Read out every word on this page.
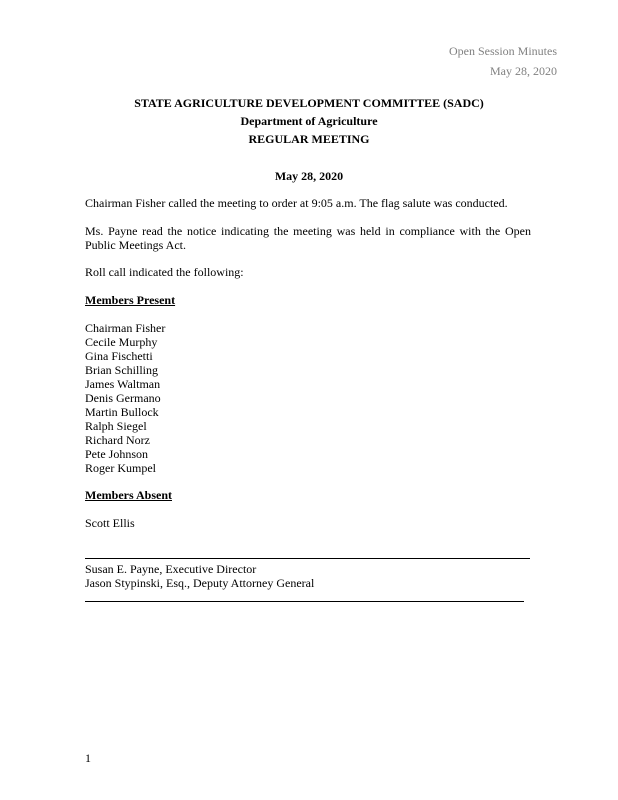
Open Session Minutes
May 28, 2020
STATE AGRICULTURE DEVELOPMENT COMMITTEE (SADC)
Department of Agriculture
REGULAR MEETING
May 28, 2020
Chairman Fisher called the meeting to order at 9:05 a.m. The flag salute was conducted.
Ms. Payne read the notice indicating the meeting was held in compliance with the Open Public Meetings Act.
Roll call indicated the following:
Members Present
Chairman Fisher
Cecile Murphy
Gina Fischetti
Brian Schilling
James Waltman
Denis Germano
Martin Bullock
Ralph Siegel
Richard Norz
Pete Johnson
Roger Kumpel
Members Absent
Scott Ellis
Susan E. Payne, Executive Director
Jason Stypinski, Esq., Deputy Attorney General
1
